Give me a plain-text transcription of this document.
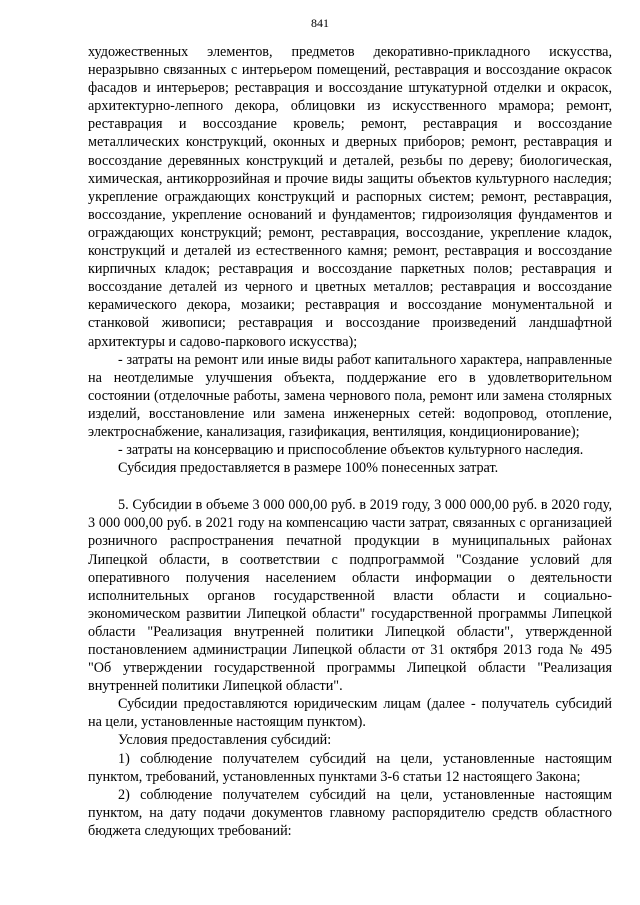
841

художественных элементов, предметов декоративно-прикладного искусства, неразрывно связанных с интерьером помещений, реставрация и воссоздание окрасок фасадов и интерьеров; реставрация и воссоздание штукатурной отделки и окрасок, архитектурно-лепного декора, облицовки из искусственного мрамора; ремонт, реставрация и воссоздание кровель; ремонт, реставрация и воссоздание металлических конструкций, оконных и дверных приборов; ремонт, реставрация и воссоздание деревянных конструкций и деталей, резьбы по дереву; биологическая, химическая, антикоррозийная и прочие виды защиты объектов культурного наследия; укрепление ограждающих конструкций и распорных систем; ремонт, реставрация, воссоздание, укрепление оснований и фундаментов; гидроизоляция фундаментов и ограждающих конструкций; ремонт, реставрация, воссоздание, укрепление кладок, конструкций и деталей из естественного камня; ремонт, реставрация и воссоздание кирпичных кладок; реставрация и воссоздание паркетных полов; реставрация и воссоздание деталей из черного и цветных металлов; реставрация и воссоздание керамического декора, мозаики; реставрация и воссоздание монументальной и станковой живописи; реставрация и воссоздание произведений ландшафтной архитектуры и садово-паркового искусства);

- затраты на ремонт или иные виды работ капитального характера, направленные на неотделимые улучшения объекта, поддержание его в удовлетворительном состоянии (отделочные работы, замена чернового пола, ремонт или замена столярных изделий, восстановление или замена инженерных сетей: водопровод, отопление, электроснабжение, канализация, газификация, вентиляция, кондиционирование);

- затраты на консервацию и приспособление объектов культурного наследия.

Субсидия предоставляется в размере 100% понесенных затрат.

5. Субсидии в объеме 3 000 000,00 руб. в 2019 году, 3 000 000,00 руб. в 2020 году, 3 000 000,00 руб. в 2021 году на компенсацию части затрат, связанных с организацией розничного распространения печатной продукции в муниципальных районах Липецкой области, в соответствии с подпрограммой "Создание условий для оперативного получения населением области информации о деятельности исполнительных органов государственной власти области и социально-экономическом развитии Липецкой области" государственной программы Липецкой области "Реализация внутренней политики Липецкой области", утвержденной постановлением администрации Липецкой области от 31 октября 2013 года № 495 "Об утверждении государственной программы Липецкой области "Реализация внутренней политики Липецкой области".

Субсидии предоставляются юридическим лицам (далее - получатель субсидий на цели, установленные настоящим пунктом).

Условия предоставления субсидий:

1) соблюдение получателем субсидий на цели, установленные настоящим пунктом, требований, установленных пунктами 3-6 статьи 12 настоящего Закона;

2) соблюдение получателем субсидий на цели, установленные настоящим пунктом, на дату подачи документов главному распорядителю средств областного бюджета следующих требований:
